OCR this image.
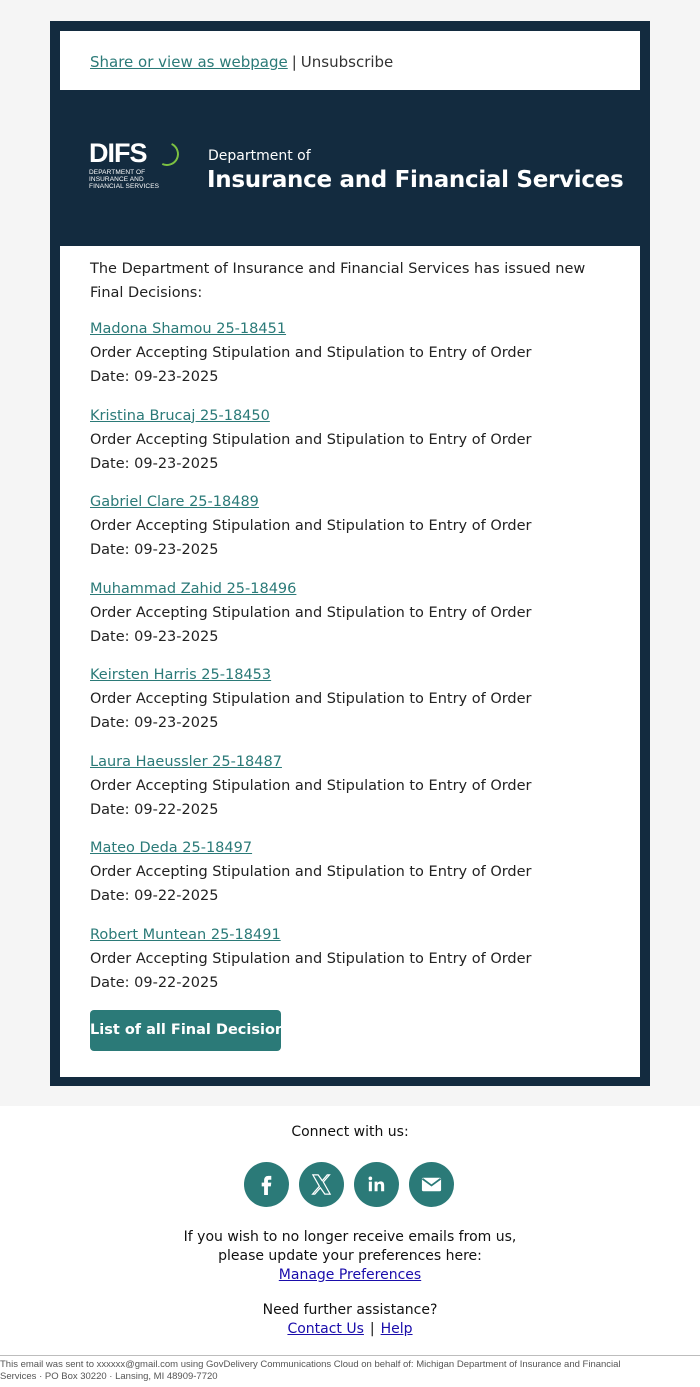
Share or view as webpage | Unsubscribe
DIFS
DEPARTMENT OF
INSURANCE AND
FINANCIAL SERVICES
Department of
Insurance and Financial Services
The Department of Insurance and Financial Services has issued new Final Decisions:
Madona Shamou 25-18451
Order Accepting Stipulation and Stipulation to Entry of Order
Date: 09-23-2025
Kristina Brucaj 25-18450
Order Accepting Stipulation and Stipulation to Entry of Order
Date: 09-23-2025
Gabriel Clare 25-18489
Order Accepting Stipulation and Stipulation to Entry of Order
Date: 09-23-2025
Muhammad Zahid 25-18496
Order Accepting Stipulation and Stipulation to Entry of Order
Date: 09-23-2025
Keirsten Harris 25-18453
Order Accepting Stipulation and Stipulation to Entry of Order
Date: 09-23-2025
Laura Haeussler 25-18487
Order Accepting Stipulation and Stipulation to Entry of Order
Date: 09-22-2025
Mateo Deda 25-18497
Order Accepting Stipulation and Stipulation to Entry of Order
Date: 09-22-2025
Robert Muntean 25-18491
Order Accepting Stipulation and Stipulation to Entry of Order
Date: 09-22-2025
List of all Final Decisions
Connect with us:
If you wish to no longer receive emails from us,
please update your preferences here:
Manage Preferences
Need further assistance?
Contact Us | Help
This email was sent to xxxxxx@gmail.com using GovDelivery Communications Cloud on behalf of: Michigan Department of Insurance and Financial Services · PO Box 30220 · Lansing, MI 48909-7720
